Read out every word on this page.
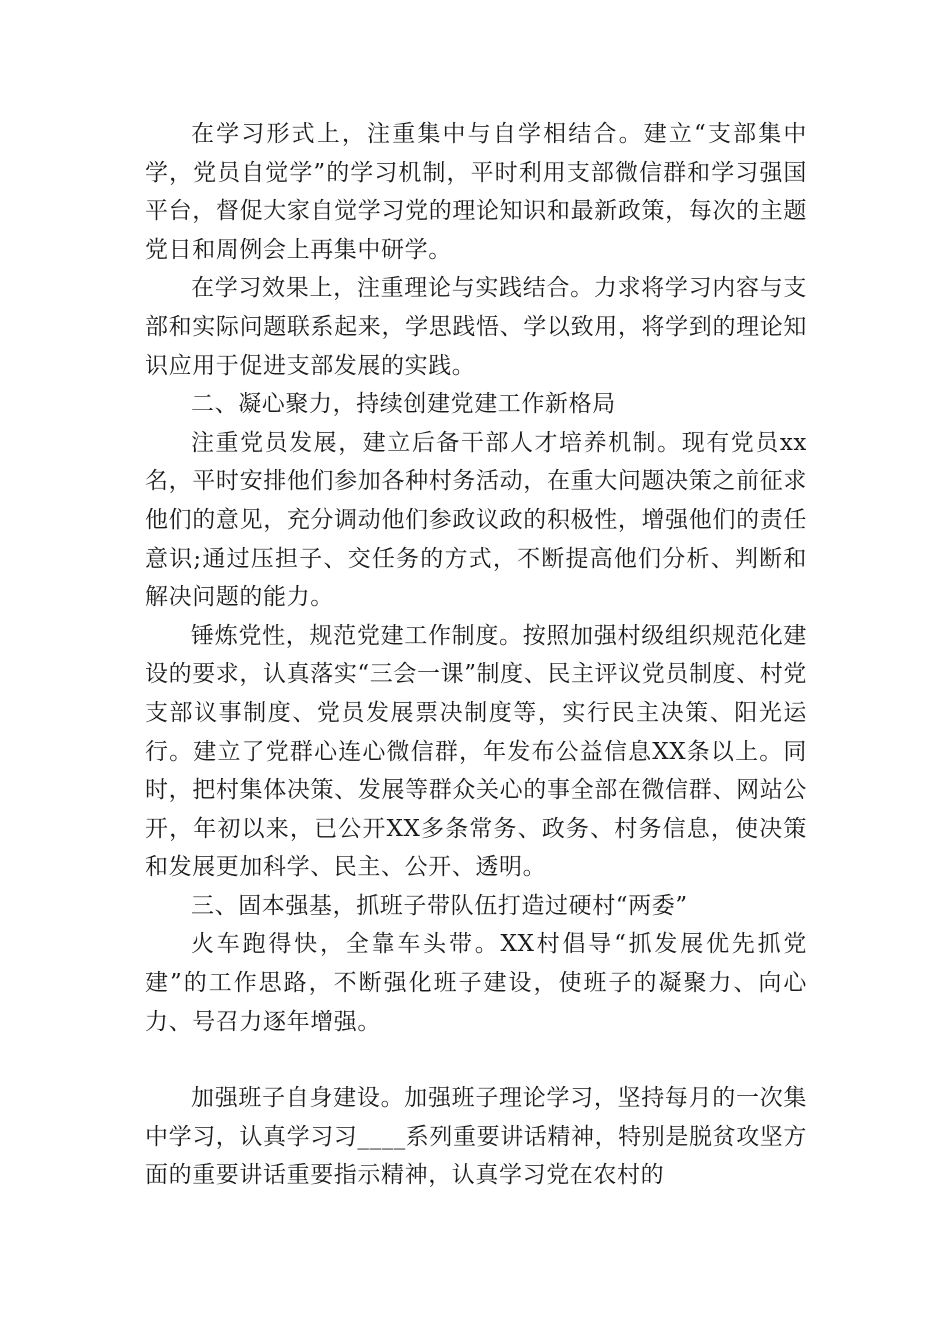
在学习形式上，注重集中与自学相结合。建立“支部集中学，党员自觉学”的学习机制，平时利用支部微信群和学习强国平台，督促大家自觉学习党的理论知识和最新政策，每次的主题党日和周例会上再集中研学。

在学习效果上，注重理论与实践结合。力求将学习内容与支部和实际问题联系起来，学思践悟、学以致用，将学到的理论知识应用于促进支部发展的实践。

二、凝心聚力，持续创建党建工作新格局

注重党员发展，建立后备干部人才培养机制。现有党员xx名，平时安排他们参加各种村务活动，在重大问题决策之前征求他们的意见，充分调动他们参政议政的积极性，增强他们的责任意识;通过压担子、交任务的方式，不断提高他们分析、判断和解决问题的能力。

锤炼党性，规范党建工作制度。按照加强村级组织规范化建设的要求，认真落实“三会一课”制度、民主评议党员制度、村党支部议事制度、党员发展票决制度等，实行民主决策、阳光运行。建立了党群心连心微信群，年发布公益信息XX条以上。同时，把村集体决策、发展等群众关心的事全部在微信群、网站公开，年初以来，已公开XX多条常务、政务、村务信息，使决策和发展更加科学、民主、公开、透明。

三、固本强基，抓班子带队伍打造过硬村“两委”

火车跑得快，全靠车头带。XX村倡导“抓发展优先抓党建”的工作思路，不断强化班子建设，使班子的凝聚力、向心力、号召力逐年增强。

加强班子自身建设。加强班子理论学习，坚持每月的一次集中学习，认真学习习____系列重要讲话精神，特别是脱贫攻坚方面的重要讲话重要指示精神，认真学习党在农村的
